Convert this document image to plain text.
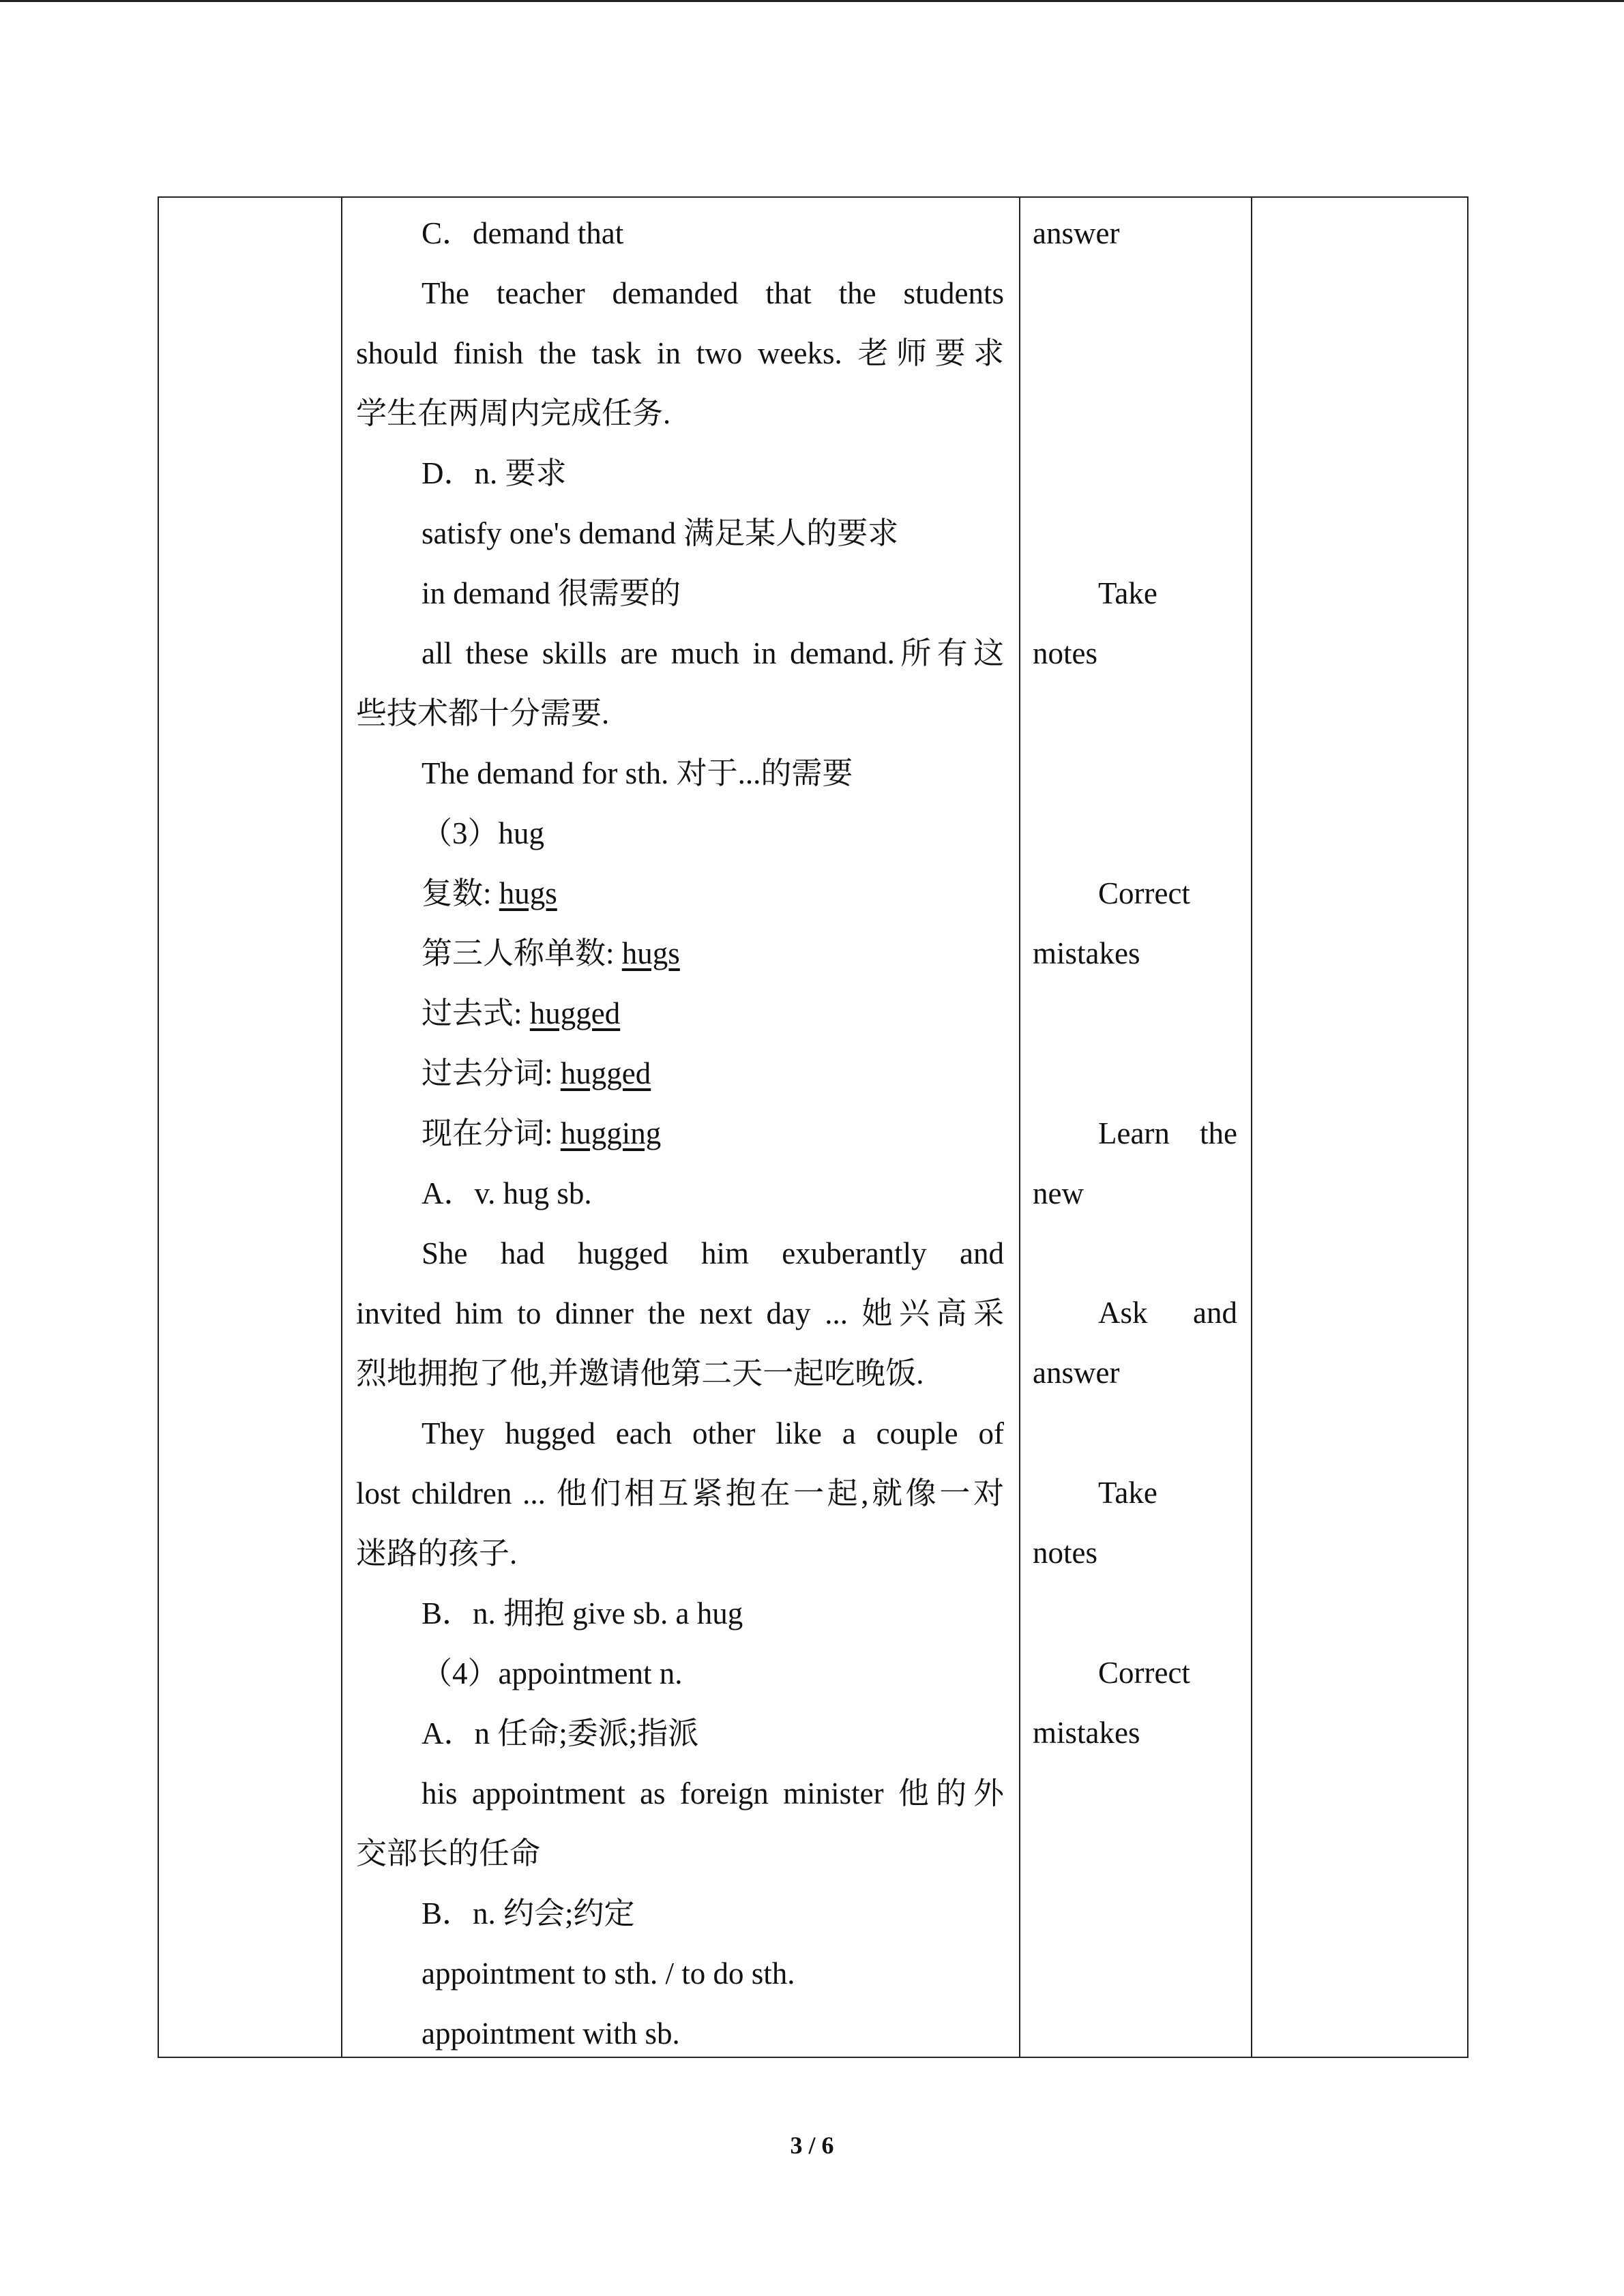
C．demand that
The teacher demanded that the students
should finish the task in two weeks. 老师要求
学生在两周内完成任务.
D．n. 要求
satisfy one's demand 满足某人的要求
in demand 很需要的
all these skills are much in demand.所有这
些技术都十分需要.
The demand for sth. 对于...的需要
（3）hug
复数: hugs
第三人称单数: hugs
过去式: hugged
过去分词: hugged
现在分词: hugging
A．v. hug sb.
She had hugged him exuberantly and
invited him to dinner the next day ... 她兴高采
烈地拥抱了他,并邀请他第二天一起吃晚饭.
They hugged each other like a couple of
lost children ... 他们相互紧抱在一起,就像一对
迷路的孩子.
B．n. 拥抱 give sb. a hug
（4）appointment n.
A．n 任命;委派;指派
his appointment as foreign minister 他的外
交部长的任命
B．n. 约会;约定
appointment to sth. / to do sth.
appointment with sb.
answer
Take
notes
Correct
mistakes
Learn the
new
Ask and
answer
Take
notes
Correct
mistakes
3 / 6
